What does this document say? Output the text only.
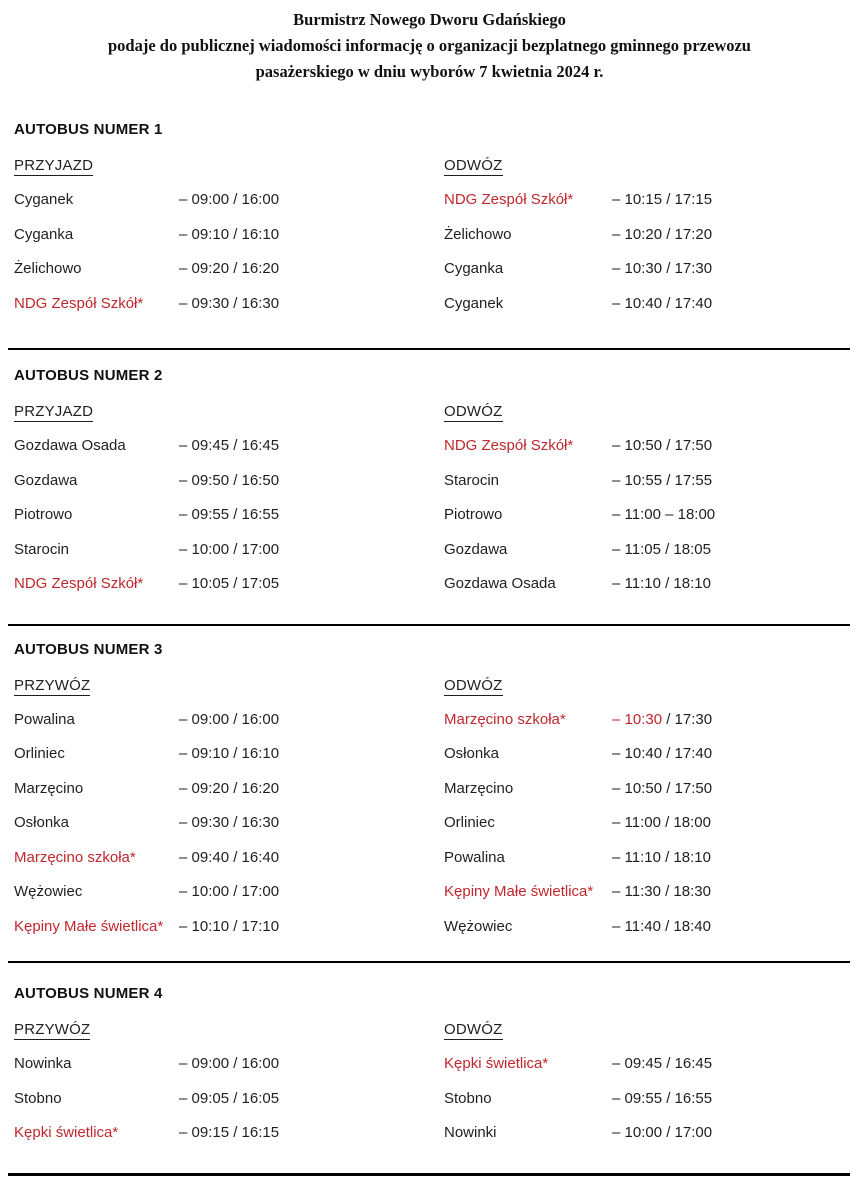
Burmistrz Nowego Dworu Gdańskiego
podaje do publicznej wiadomości informację o organizacji bezplatnego gminnego przewozu
pasażerskiego w dniu wyborów 7 kwietnia 2024 r.
AUTOBUS NUMER 1
PRZYJAZD
Cyganek	– 09:00 / 16:00
Cyganka	– 09:10 / 16:10
Żelichowo	– 09:20 / 16:20
NDG Zespół Szkół*	– 09:30 / 16:30
ODWÓZ
NDG Zespół Szkół*	– 10:15 / 17:15
Żelichowo	– 10:20 / 17:20
Cyganka	– 10:30 / 17:30
Cyganek	– 10:40 / 17:40
AUTOBUS NUMER 2
PRZYJAZD
Gozdawa Osada	– 09:45 / 16:45
Gozdawa	– 09:50 / 16:50
Piotrowo	– 09:55 / 16:55
Starocin	– 10:00 / 17:00
NDG Zespół Szkół*	– 10:05 / 17:05
ODWÓZ
NDG Zespół Szkół*	– 10:50 / 17:50
Starocin	– 10:55 / 17:55
Piotrowo	– 11:00 – 18:00
Gozdawa	– 11:05 / 18:05
Gozdawa Osada	– 11:10 / 18:10
AUTOBUS NUMER 3
PRZYWÓZ
Powalina	– 09:00 / 16:00
Orliniec	– 09:10 / 16:10
Marzęcino	– 09:20 / 16:20
Osłonka	– 09:30 / 16:30
Marzęcino szkoła*	– 09:40 / 16:40
Wężowiec	– 10:00 / 17:00
Kępiny Małe świetlica*	– 10:10 / 17:10
ODWÓZ
Marzęcino szkoła*	– 10:30 / 17:30
Osłonka	– 10:40 / 17:40
Marzęcino	– 10:50 / 17:50
Orliniec	– 11:00 / 18:00
Powalina	– 11:10 / 18:10
Kępiny Małe świetlica*	– 11:30 / 18:30
Wężowiec	– 11:40 / 18:40
AUTOBUS NUMER 4
PRZYWÓZ
Nowinka	– 09:00 / 16:00
Stobno	– 09:05 / 16:05
Kępki świetlica*	– 09:15 / 16:15
ODWÓZ
Kępki świetlica*	– 09:45 / 16:45
Stobno	– 09:55 / 16:55
Nowinki	– 10:00 / 17:00
